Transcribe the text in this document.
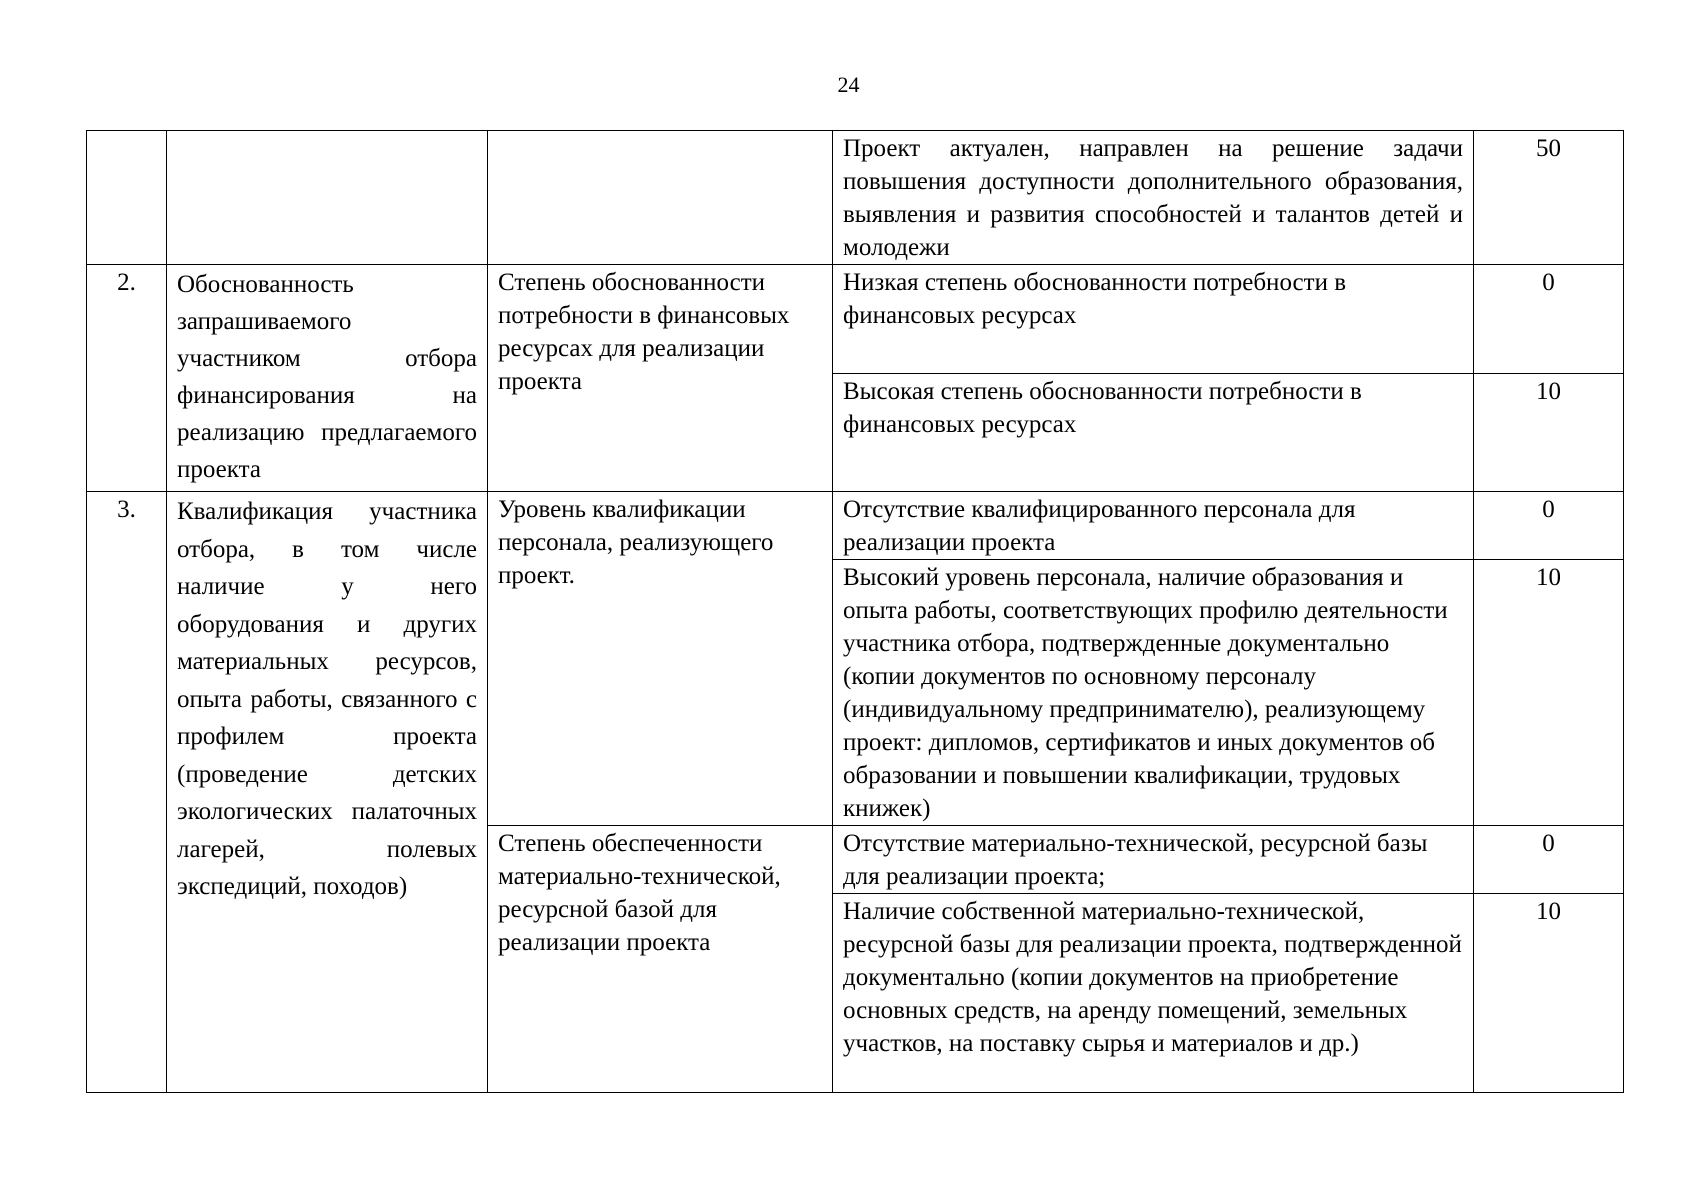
24
			Проект актуален, направлен на решение задачи повышения доступности дополнительного образования, выявления и развития способностей и талантов детей и молодежи	50
2.	Обоснованность запрашиваемого участником отбора финансирования на реализацию предлагаемого проекта	Степень обоснованности потребности в финансовых ресурсах для реализации проекта	Низкая степень обоснованности потребности в финансовых ресурсах	0
			Высокая степень обоснованности потребности в финансовых ресурсах	10
3.	Квалификация участника отбора, в том числе наличие у него оборудования и других материальных ресурсов, опыта работы, связанного с профилем проекта (проведение детских экологических палаточных лагерей, полевых экспедиций, походов)	Уровень квалификации персонала, реализующего проект.	Отсутствие квалифицированного персонала для реализации проекта	0
			Высокий уровень персонала, наличие образования и опыта работы, соответствующих профилю деятельности участника отбора, подтвержденные документально (копии документов по основному персоналу (индивидуальному предпринимателю), реализующему проект: дипломов, сертификатов и иных документов об образовании и повышении квалификации, трудовых книжек)	10
		Степень обеспеченности материально-технической, ресурсной базой для реализации проекта	Отсутствие материально-технической, ресурсной базы для реализации проекта;	0
			Наличие собственной материально-технической, ресурсной базы для реализации проекта, подтвержденной документально (копии документов на приобретение основных средств, на аренду помещений, земельных участков, на поставку сырья и материалов и др.)	10
